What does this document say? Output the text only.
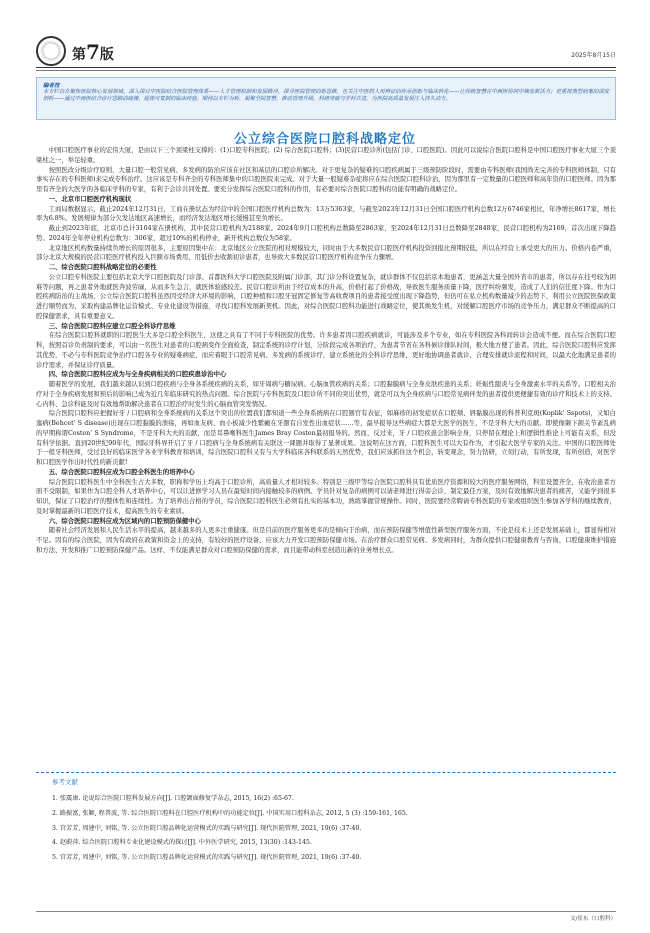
第7版	2025年8月15日
编者按
本专栏旨在聚焦医院核心发展领域，深入探讨中医院结合医院管理体系——人才管理机制和发展路径，探寻医院管理的新思维，也关注中医药人用辨证的传承创新与临床转化——让传统智慧在中西医协同中焕发新活力；更重视典型病案的深度剖析——通过中西医结合诊疗思路的碰撞，提炼可复制的临床经验。期待以专栏为桥，凝聚全院智慧，推动管理升级，科研突破与学科共进，为医院高质量发展注入持久动力。
公立综合医院口腔科战略定位

中国口腔医疗事业的宏伟大厦，是由以下三个顶梁柱支撑的：(1)口腔专科医院；(2) 综合医院口腔科；(3)民营口腔诊所(包括门诊、口腔医院)。因此可以说综合医院口腔科是中国口腔医疗事业大厦三个顶梁柱之一，举足轻重。

按照医改分级诊疗原则，大量口腔一般常见病、多发病的防治应该在社区和基层的口腔诊所解决。对于更复杂的疑难的口腔疾病属于三级预防阶段时，需要由专科医师(我国尚无完善的专科医师体制，只有事实存在的专科医师)来完成专科治疗。这应该是专科齐全的专科医师集中的口腔医院来完成。对于大量一般疑难杂症将应在综合医院口腔科诊治，因为那里有一定数量的口腔医师和高年资的口腔医师。因为那里有齐全的大医学的各临床学科的专家，有利于会诊共同处置。要充分发挥综合医院口腔科的作用，有必要对综合医院口腔科的功能有明确的战略定位。

一、北京市口腔医疗机构现状

工商局数据显示，截止2024年12月31日，工商在册状态为经营中的全国口腔医疗机构总数为：13万5363家，与截至2023年12月31日全国口腔医疗机构总数12万6746家相比，年净增长8617家，增长率为6.8%。发展规律为部分欠发达地区高速增长，而经济发达地区增长缓慢甚至负增长。

截止到2023年底，北京市总计3104家在册机构，其中民营口腔机构为2188家。2024年9月口腔机构总数降至2863家，至2024年12月31日总数降至2848家，民营口腔机构为2169，首次出现下降趋势。2024年全年停业机构总数为：306家，超过10%的机构停业，新开机构总数仅为58家。

北京地区机构数量持续负增长的原因很多，主要原因集中在：北京地区公立医院的相对规模较大，同时由于大多数民营口腔医疗机构投资回报比预期较低，所以在经营上承受更大的压力。价格内卷严重，部分北京大规模的民营口腔医疗机构投入巨额市场费用，用低价去收割初诊患者，也导致大多数民营口腔医疗机构竞争压力骤增。

二、综合医院口腔科战略定位的必要性

公立口腔专科医院主要包括北京大学口腔医院及门诊部、首都医科大学口腔医院及附属门诊部，其门诊分科设置复杂，就诊群体不仅包括京本地患者，更涵盖大量全国外省市的患者，所以存在挂号较为困难等问题，再之患者外地就医奔波劳碌，从而多生急言，就医体验感较差。民营口腔诊所由于经营成本的升高，价格打起了价格战，导致医生服务质量下降，医疗纠纷频发，造成了人们的信任度下降。作为口腔疾病防治的主战场，公立综合医院口腔科虽然因受经济大环境的影响，口腔种植和口腔牙冠固定修复等高收费项目的患者接受度出现下降趋势，但仍可在私立机构数量减少的态势下，利用公立医院医保政策进行顺势而为，采取构建品牌化运营模式、专业化建设等措施，寻找口腔科发展新契机。因此，对综合医院口腔科功能进行战略定位，使其焕发生机，对缓解口腔医疗市场的竞争压力，满足群众不断提高的口腔保健需求，具有重要意义。

三、综合医院口腔科应建立口腔全科诊疗思维

在综合医院口腔科就职的口腔医生大多是口腔全科医生，这使之具有了不同于专科医院的优势。许多患者因口腔疾病就诊，可能涉及多个专业，如在专科医院各科间转诊会造成不便。而在综合医院口腔科，按照首诊负责制的要求，可以由一名医生对患者的口腔病变作全面检查，制定系统的诊疗计划，分阶段完成各项治疗，为患者节省在各科候诊排队时间，极大地方便了患者。因此，综合医院口腔科应发挥其优势，不必与专科医院竞争治疗口腔各专业的疑难病症，而应着眼于口腔常见病、多发病的系统诊疗，建立系统化的全科诊疗思维，更好地协调患者就诊、合理安排就诊流程和时间，以最大化地满足患者的诊疗需求，并保证诊疗质量。

四、综合医院口腔科应成为与全身疾病相关的口腔疾患诊治中心

随着医学的发展，我们越来越认识到口腔疾病与全身各系统疾病的关系，如牙周病与糖尿病、心脑血管疾病的关系；口腔黏膜病与全身皮肤疾患的关系；妊娠性龈炎与全身激素水平的关系等。口腔相关治疗对于全身疾病发展和预后的影响已成为近几年临床研究的热点问题。综合医院与专科医院及口腔诊所不同的突出优势，就是可以为全身疾病与口腔常见病伴发的患者提供更便捷有效的诊疗和技术上的支持。心内科、急诊科能及时有效地帮助解决患者在口腔治疗时发生的心脑血管突发情况。

综合医院口腔科应把握好牙 / 口腔病和全身系统病的关系这个突出的位置我们都知道一些全身系统病在口腔器官有表征，如麻疹的初发症状在口腔颊、唇黏膜出现的科普利克斑(Koplik’ Sspots)，又如白塞病(Behcet’ S disease)出现在口腔黏膜的溃疡，再如血友病、血小板减少性紫癜在牙龈有自发性出血症状……等，最早报导这些病症大都是大医学的医生，不是牙科大夫的贡献。即使像颞下颌关节紊乱病的早期称谓Costen’ S Syndrome，不是牙科大夫的贡献，而是耳鼻喉科医生James Bray Costen最初报导的。然而，反过来，牙 / 口腔疾患会影响全身，只停留在理论上和逻辑性推论上可能有关系，但没有科学依据。直到20世纪90年代，国际牙科界开启了牙 / 口腔病与全身系统病有关联这一课题并取得了显著成果。这说明在这方面，口腔科医生可以大有作为，才引起大医学专家的关注。中国的口腔医师处于一般牙科医师，受过良好的临床医学各业学科教育和培训，综合医院口腔科又有与大学科临床各科联系的天然优势，我们应该抓住这个机会，转变观念，努力钻研，立刻行动，有所发现，有所创造，对医学和口腔医学作出时代性的新贡献!

五、综合医院口腔科应成为口腔全科医生的培养中心

综合医院口腔科医生中全科医生占大多数，职称和学历上均高于口腔诊所，高质量人才相对较多。特别是三级甲等综合医院口腔科具有优质医疗资源和较大的医疗服务网络，科室设置齐全，在收治患者方面不受限制，如果作为口腔全科人才培养中心，可以让进修学习人员在最短时间内接触较多的病例。学员针对复杂的病例可以请老师进行得旁会诊，制定最佳方案，及时有效地解决患者的痛苦，又能学到很多知识，保证了口腔治疗的整体性和连续性。为了培养出合格的学员，综合医院口腔科医生必须有扎实的基本功，熟练掌握常规操作。同时，医院要经常聘请专科医院的专家或组织医生参加各学科的继续教育，及时掌握最新的口腔医疗技术，提高医生的专业素质。

六、综合医院口腔科应成为区域内的口腔预防保健中心

随着社会经济发展和人民生活水平的提高，越来越多的人更多注重健康。但是目前的医疗服务更多的是倾向于治病，而在预防保健等增值性新型医疗服务方面，不论是技术上还是发展基础上，都显得相对不足。因有的综合医院，因为有政府在政策和资金上的支持，有较好的医疗设备，应该大力开发口腔预防保健市场。在治疗群众口腔常见病、多发病同时，为群众提供口腔健康教育与咨询、口腔健康维护措施和方法、开发和推广口腔预防保健产品。这样，不仅能满足群众对口腔预防保健的需求，而且能带动科室创造出新的业务增长点。

参考文献
1. 张震康. 论说综合医院口腔科发展方向[J]. 口腔颌面修复学杂志, 2015, 16(2) :65-67.
2. 路振富, 张颖, 程普波, 等. 综合医院口腔科在口腔医疗机构中的功能定位[J]. 中国实用口腔科杂志, 2012, 5 (3) :159-161, 165.
3. 宫芳芳, 周建中, 刘铭, 等. 公立医院口腔品牌化运营模式的实践与研究[J]. 现代医院管理, 2021, 19(6) :37-40.
4. 赵蔚萍. 综合医院口腔科专业化建设模式的探讨[J]. 中外医学研究, 2015, 13(30) :143-145.
5. 宫芳芳, 周建中, 刘铭, 等. 公立医院口腔品牌化运营模式的实践与研究[J]. 现代医院管理, 2021, 19(6) :37-40.
文/崔东（口腔科）
